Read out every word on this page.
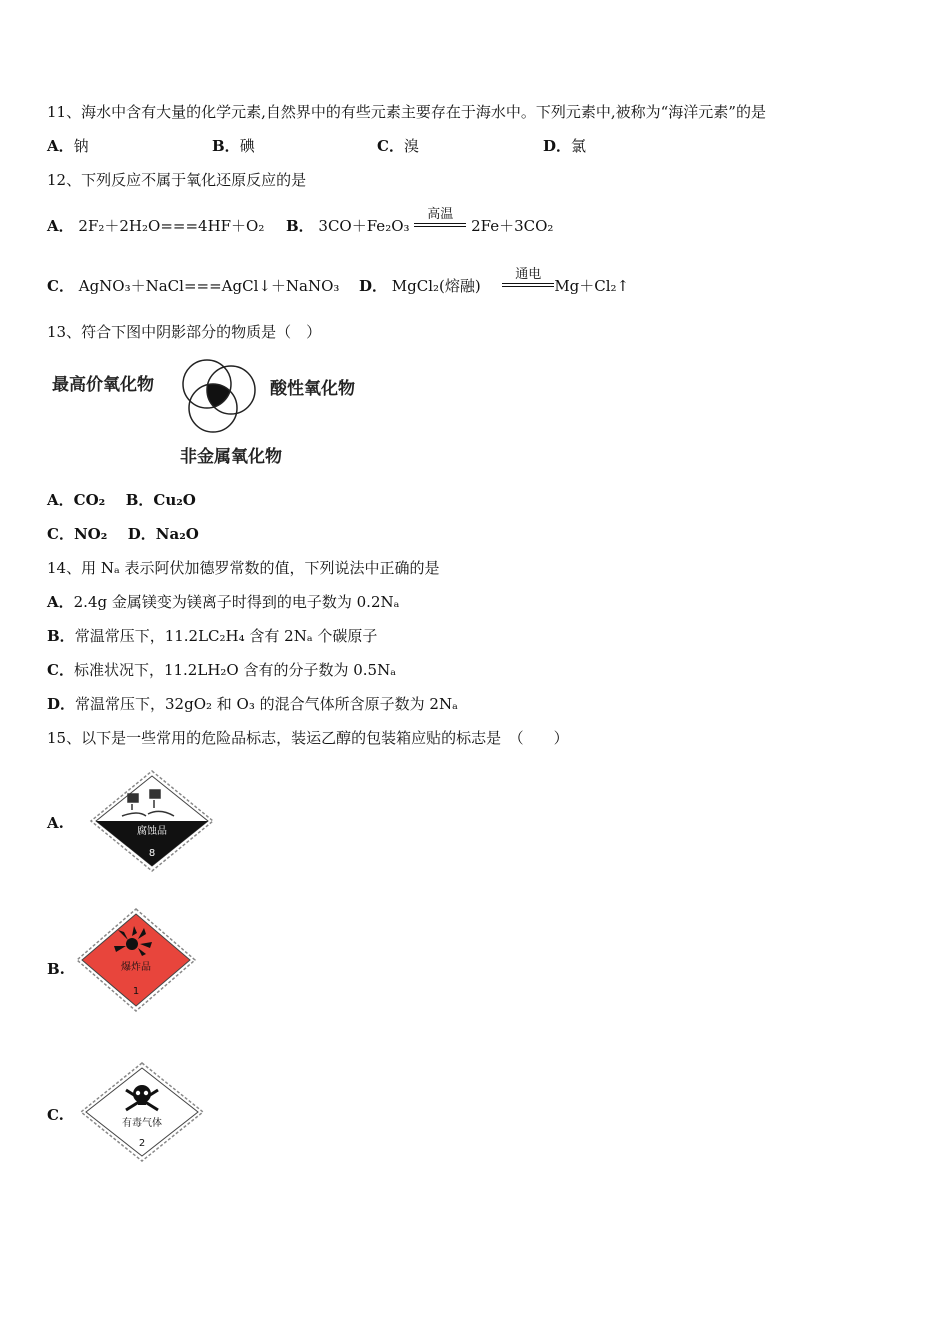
11、海水中含有大量的化学元素,自然界中的有些元素主要存在于海水中。下列元素中,被称为“海洋元素”的是
A．钠	B．碘	C．溴	D．氯
12、下列反应不属于氧化还原反应的是
A． 2F₂＋2H₂O===4HF＋O₂ B． 3CO＋Fe₂O₃
高温
2Fe＋3CO₂
C． AgNO₃＋NaCl===AgCl↓＋NaNO₃ D． MgCl₂(熔融)
通电
Mg＋Cl₂↑
13、符合下图中阴影部分的物质是（　）
最高价氧化物	酸性氧化物
非金属氧化物
A．CO₂ B．Cu₂O
C．NO₂ D．Na₂O
14、用 Nₐ 表示阿伏加德罗常数的值，下列说法中正确的是
A．2.4g 金属镁变为镁离子时得到的电子数为 0.2Nₐ
B．常温常压下，11.2LC₂H₄ 含有 2Nₐ 个碳原子
C．标准状况下，11.2LH₂O 含有的分子数为 0.5Nₐ
D．常温常压下，32gO₂ 和 O₃ 的混合气体所含原子数为 2Nₐ
15、以下是一些常用的危险品标志，装运乙醇的包装箱应贴的标志是　（　　）
A.	腐蚀品
8
B.	爆炸品
1
C.	有毒气体
2
